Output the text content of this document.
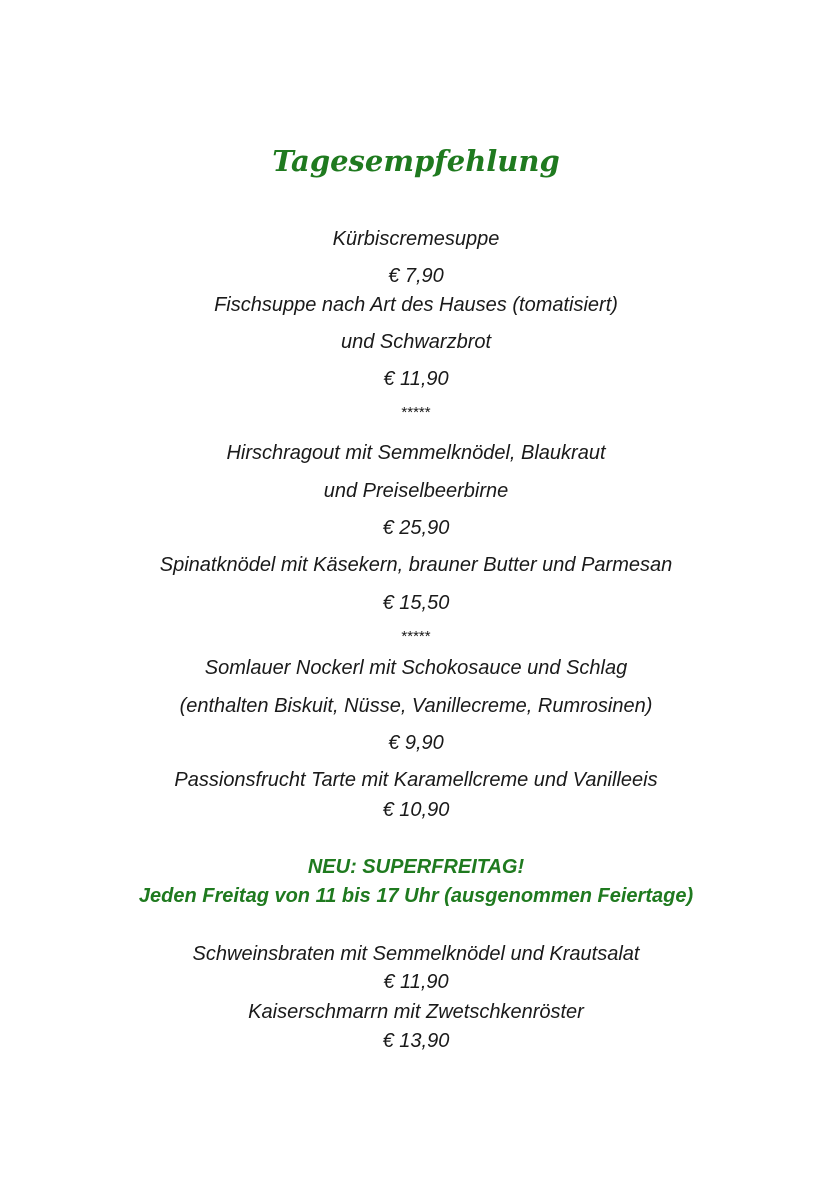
Tagesempfehlung
Kürbiscremesuppe
€ 7,90
Fischsuppe nach Art des Hauses (tomatisiert)
und Schwarzbrot
€ 11,90
*****
Hirschragout mit Semmelknödel, Blaukraut
und Preiselbeerbirne
€ 25,90
Spinatknödel mit Käsekern, brauner Butter und Parmesan
€ 15,50
*****
Somlauer Nockerl mit Schokosauce und Schlag
(enthalten Biskuit, Nüsse, Vanillecreme, Rumrosinen)
€ 9,90
Passionsfrucht Tarte mit Karamellcreme und Vanilleeis
€ 10,90
NEU: SUPERFREITAG!
Jeden Freitag von 11 bis 17 Uhr (ausgenommen Feiertage)
Schweinsbraten mit Semmelknödel und Krautsalat
€ 11,90
Kaiserschmarrn mit Zwetschkenröster
€ 13,90
